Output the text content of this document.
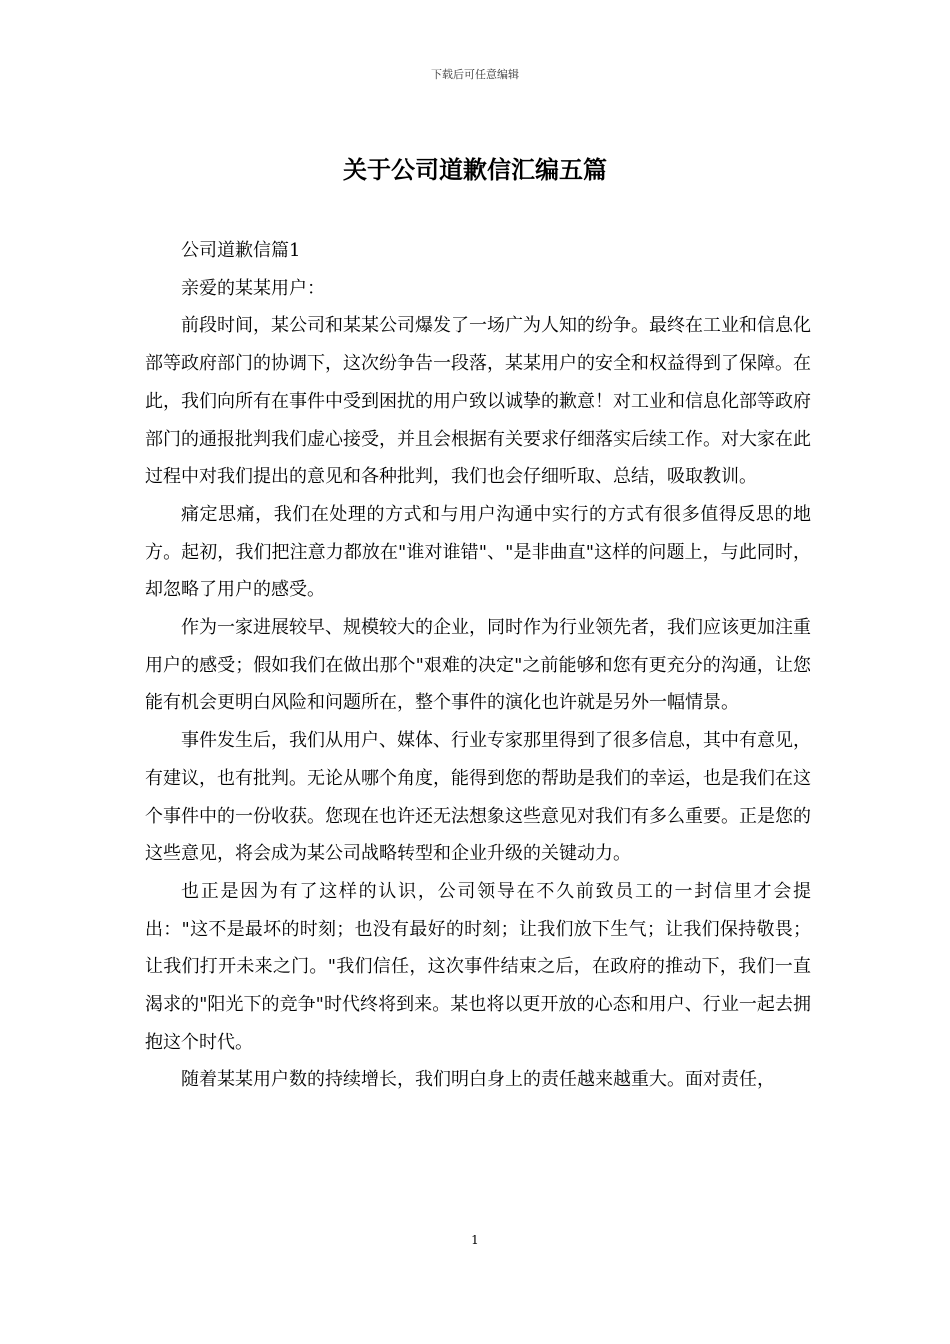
下载后可任意编辑
关于公司道歉信汇编五篇

公司道歉信篇1

亲爱的某某用户：

前段时间，某公司和某某公司爆发了一场广为人知的纷争。最终在工业和信息化部等政府部门的协调下，这次纷争告一段落，某某用户的安全和权益得到了保障。在此，我们向所有在事件中受到困扰的用户致以诚挚的歉意！对工业和信息化部等政府部门的通报批判我们虚心接受，并且会根据有关要求仔细落实后续工作。对大家在此过程中对我们提出的意见和各种批判，我们也会仔细听取、总结，吸取教训。

痛定思痛，我们在处理的方式和与用户沟通中实行的方式有很多值得反思的地方。起初，我们把注意力都放在"谁对谁错"、"是非曲直"这样的问题上，与此同时，却忽略了用户的感受。

作为一家进展较早、规模较大的企业，同时作为行业领先者，我们应该更加注重用户的感受；假如我们在做出那个"艰难的决定"之前能够和您有更充分的沟通，让您能有机会更明白风险和问题所在，整个事件的演化也许就是另外一幅情景。

事件发生后，我们从用户、媒体、行业专家那里得到了很多信息，其中有意见，有建议，也有批判。无论从哪个角度，能得到您的帮助是我们的幸运，也是我们在这个事件中的一份收获。您现在也许还无法想象这些意见对我们有多么重要。正是您的这些意见，将会成为某公司战略转型和企业升级的关键动力。

也正是因为有了这样的认识，公司领导在不久前致员工的一封信里才会提出："这不是最坏的时刻；也没有最好的时刻；让我们放下生气；让我们保持敬畏；让我们打开未来之门。"我们信任，这次事件结束之后，在政府的推动下，我们一直渴求的"阳光下的竞争"时代终将到来。某也将以更开放的心态和用户、行业一起去拥抱这个时代。

随着某某用户数的持续增长，我们明白身上的责任越来越重大。面对责任，

1
